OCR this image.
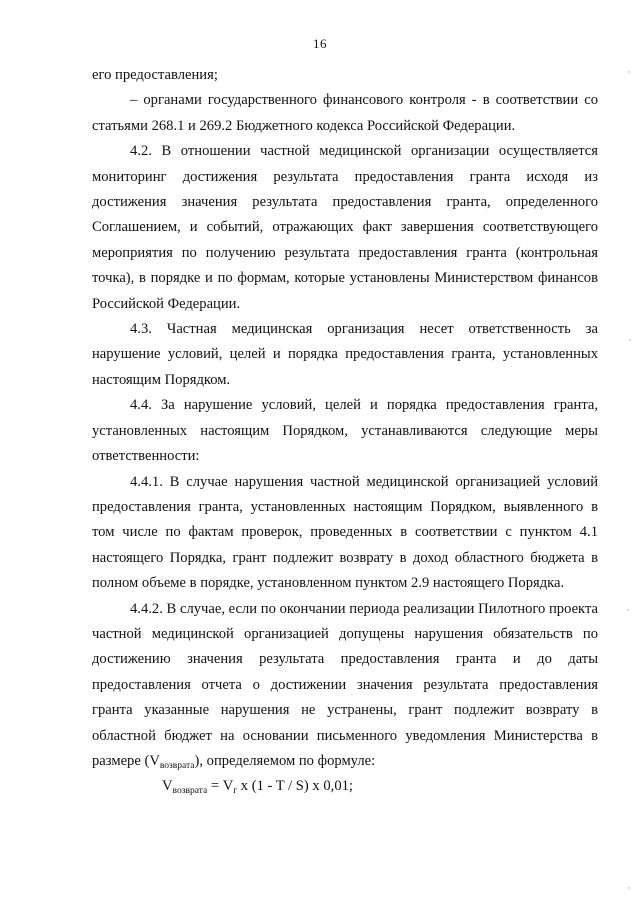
16

его предоставления;

– органами государственного финансового контроля - в соответствии со статьями 268.1 и 269.2 Бюджетного кодекса Российской Федерации.

4.2. В отношении частной медицинской организации осуществляется мониторинг достижения результата предоставления гранта исходя из достижения значения результата предоставления гранта, определенного Соглашением, и событий, отражающих факт завершения соответствующего мероприятия по получению результата предоставления гранта (контрольная точка), в порядке и по формам, которые установлены Министерством финансов Российской Федерации.

4.3. Частная медицинская организация несет ответственность за нарушение условий, целей и порядка предоставления гранта, установленных настоящим Порядком.

4.4. За нарушение условий, целей и порядка предоставления гранта, установленных настоящим Порядком, устанавливаются следующие меры ответственности:

4.4.1. В случае нарушения частной медицинской организацией условий предоставления гранта, установленных настоящим Порядком, выявленного в том числе по фактам проверок, проведенных в соответствии с пунктом 4.1 настоящего Порядка, грант подлежит возврату в доход областного бюджета в полном объеме в порядке, установленном пунктом 2.9 настоящего Порядка.

4.4.2. В случае, если по окончании периода реализации Пилотного проекта частной медицинской организацией допущены нарушения обязательств по достижению значения результата предоставления гранта и до даты предоставления отчета о достижении значения результата предоставления гранта указанные нарушения не устранены, грант подлежит возврату в областной бюджет на основании письменного уведомления Министерства в размере $(V_{возврата})$, определяемом по формуле:

$V_{возврата} = V_г$ x (1 - T / S) x 0,01;
